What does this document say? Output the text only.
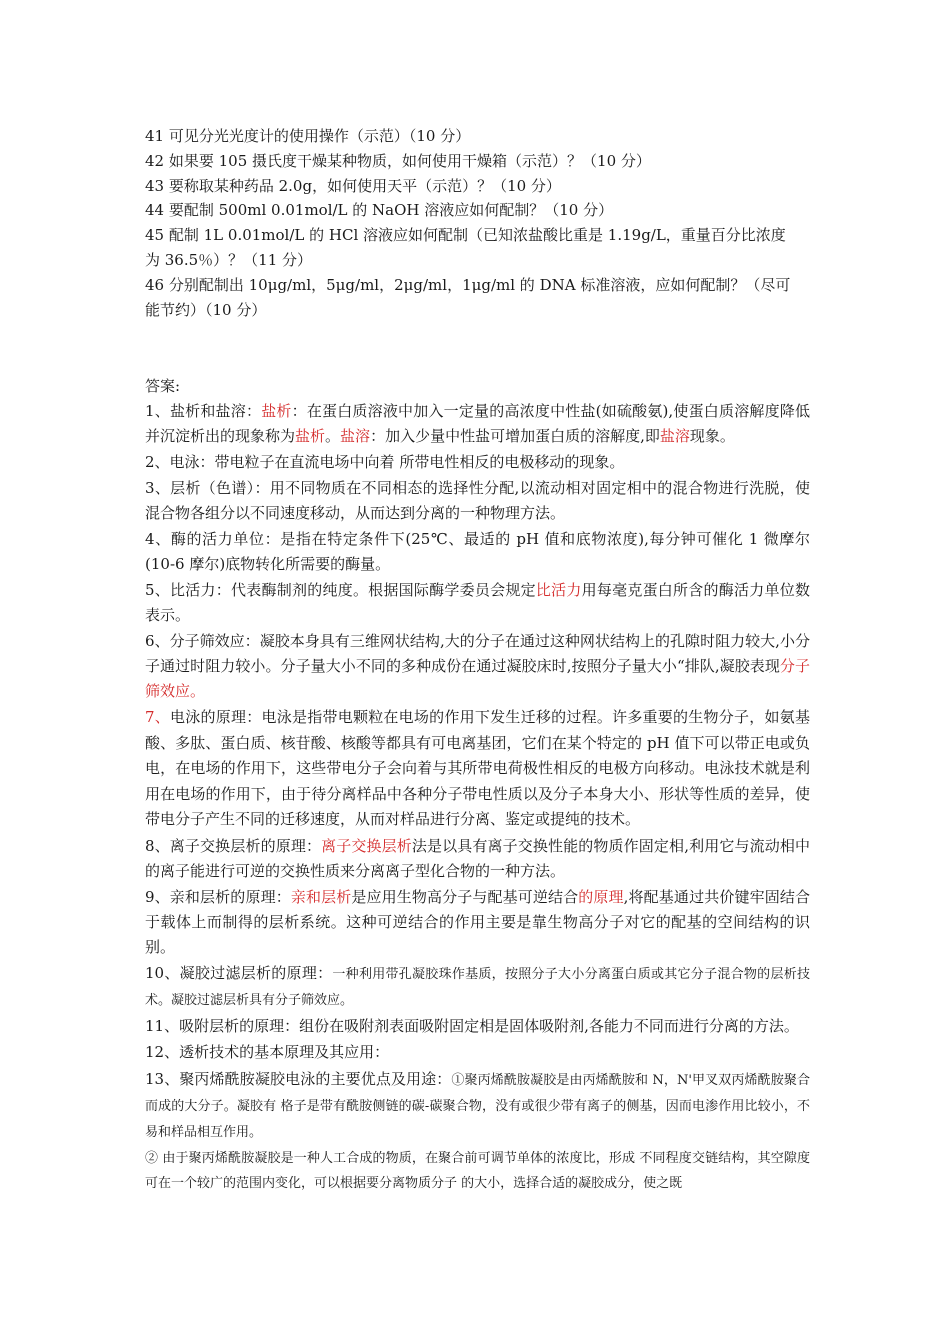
41 可见分光光度计的使用操作（示范）（10 分）
42 如果要 105 摄氏度干燥某种物质，如何使用干燥箱（示范）？（10 分）
43 要称取某种药品 2.0g，如何使用天平（示范）？（10 分）
44 要配制 500ml 0.01mol/L 的 NaOH 溶液应如何配制？（10 分）
45 配制 1L 0.01mol/L 的 HCl 溶液应如何配制（已知浓盐酸比重是 1.19g/L，重量百分比浓度
为 36.5％）？（11 分）
46 分别配制出 10μg/ml，5μg/ml，2μg/ml，1μg/ml 的 DNA 标准溶液，应如何配制？（尽可
能节约）（10 分）
答案:

1、盐析和盐溶：盐析：在蛋白质溶液中加入一定量的高浓度中性盐(如硫酸氨),使蛋白质溶解度降低并沉淀析出的现象称为盐析。盐溶：加入少量中性盐可增加蛋白质的溶解度,即盐溶现象。

2、电泳：带电粒子在直流电场中向着 所带电性相反的电极移动的现象。

3、层析（色谱）：用不同物质在不同相态的选择性分配,以流动相对固定相中的混合物进行洗脱，使混合物各组分以不同速度移动，从而达到分离的一种物理方法。

4、酶的活力单位：是指在特定条件下(25℃、最适的 pH 值和底物浓度),每分钟可催化 1 微摩尔(10-6 摩尔)底物转化所需要的酶量。

5、比活力：代表酶制剂的纯度。根据国际酶学委员会规定比活力用每毫克蛋白所含的酶活力单位数表示。

6、分子筛效应：凝胶本身具有三维网状结构,大的分子在通过这种网状结构上的孔隙时阻力较大,小分子通过时阻力较小。分子量大小不同的多种成份在通过凝胶床时,按照分子量大小“排队,凝胶表现分子筛效应。

7、电泳的原理：电泳是指带电颗粒在电场的作用下发生迁移的过程。许多重要的生物分子，如氨基酸、多肽、蛋白质、核苷酸、核酸等都具有可电离基团，它们在某个特定的 pH 值下可以带正电或负电，在电场的作用下，这些带电分子会向着与其所带电荷极性相反的电极方向移动。电泳技术就是利用在电场的作用下，由于待分离样品中各种分子带电性质以及分子本身大小、形状等性质的差异，使带电分子产生不同的迁移速度，从而对样品进行分离、鉴定或提纯的技术。

8、离子交换层析的原理：离子交换层析法是以具有离子交换性能的物质作固定相,利用它与流动相中的离子能进行可逆的交换性质来分离离子型化合物的一种方法。

9、亲和层析的原理：亲和层析是应用生物高分子与配基可逆结合的原理,将配基通过共价键牢固结合于载体上而制得的层析系统。这种可逆结合的作用主要是靠生物高分子对它的配基的空间结构的识别。

10、凝胶过滤层析的原理：一种利用带孔凝胶珠作基质，按照分子大小分离蛋白质或其它分子混合物的层析技术。凝胶过滤层析具有分子筛效应。

11、吸附层析的原理：组份在吸附剂表面吸附固定相是固体吸附剂,各能力不同而进行分离的方法。

12、透析技术的基本原理及其应用：

13、聚丙烯酰胺凝胶电泳的主要优点及用途：①聚丙烯酰胺凝胶是由丙烯酰胺和 N，N'甲叉双丙烯酰胺聚合而成的大分子。凝胶有 格子是带有酰胺侧链的碳-碳聚合物，没有或很少带有离子的侧基，因而电渗作用比较小，不易和样品相互作用。

② 由于聚丙烯酰胺凝胶是一种人工合成的物质，在聚合前可调节单体的浓度比，形成 不同程度交链结构，其空隙度可在一个较广的范围内变化，可以根据要分离物质分子 的大小，选择合适的凝胶成分，使之既
